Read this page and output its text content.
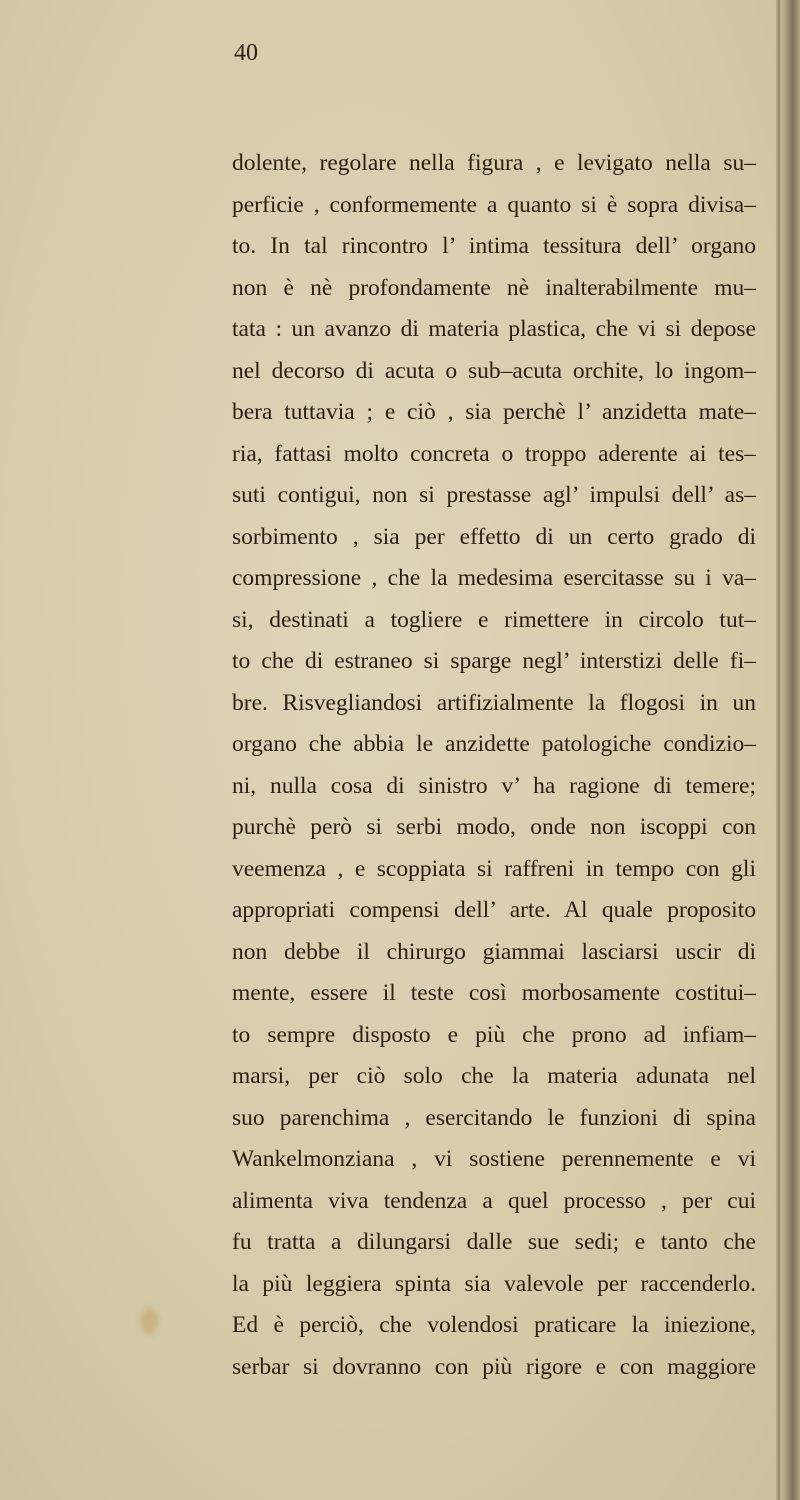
40
dolente, regolare nella figura , e levigato nella su–
perficie , conformemente a quanto si è sopra divisa–
to. In tal rincontro l’ intima tessitura dell’ organo
non è nè profondamente nè inalterabilmente mu–
tata : un avanzo di materia plastica, che vi si depose
nel decorso di acuta o sub–acuta orchite, lo ingom–
bera tuttavia ; e ciò , sia perchè l’ anzidetta mate–
ria, fattasi molto concreta o troppo aderente ai tes–
suti contigui, non si prestasse agl’ impulsi dell’ as–
sorbimento , sia per effetto di un certo grado di
compressione , che la medesima esercitasse su i va–
si, destinati a togliere e rimettere in circolo tut–
to che di estraneo si sparge negl’ interstizi delle fi–
bre. Risvegliandosi artifizialmente la flogosi in un
organo che abbia le anzidette patologiche condizio–
ni, nulla cosa di sinistro v’ ha ragione di temere;
purchè però si serbi modo, onde non iscoppi con
veemenza , e scoppiata si raffreni in tempo con gli
appropriati compensi dell’ arte. Al quale proposito
non debbe il chirurgo giammai lasciarsi uscir di
mente, essere il teste così morbosamente costitui–
to sempre disposto e più che prono ad infiam–
marsi, per ciò solo che la materia adunata nel
suo parenchima , esercitando le funzioni di spina
Wankelmonziana , vi sostiene perennemente e vi
alimenta viva tendenza a quel processo , per cui
fu tratta a dilungarsi dalle sue sedi; e tanto che
la più leggiera spinta sia valevole per raccenderlo.
Ed è perciò, che volendosi praticare la iniezione,
serbar si dovranno con più rigore e con maggiore
